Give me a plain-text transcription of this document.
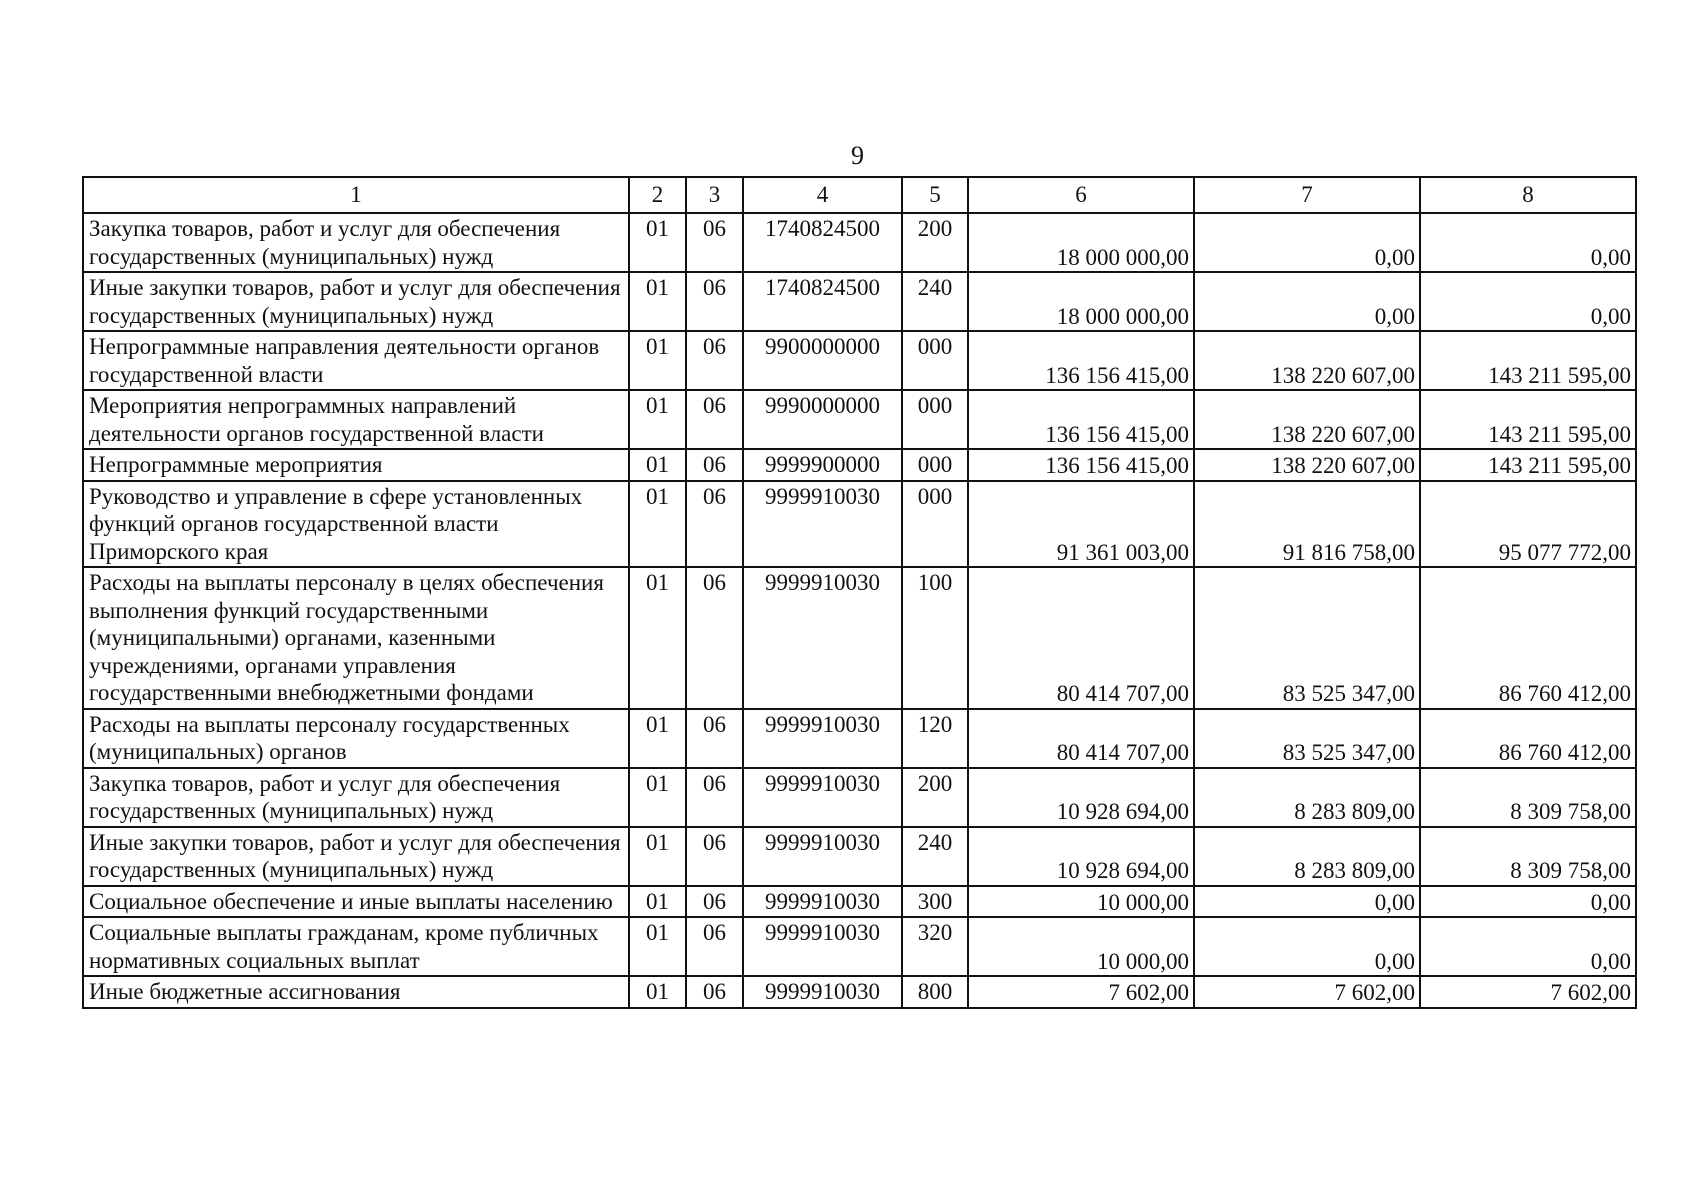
9
1	2	3	4	5	6	7	8
Закупка товаров, работ и услуг для обеспечения государственных (муниципальных) нужд	01	06	1740824500	200	18 000 000,00	0,00	0,00
Иные закупки товаров, работ и услуг для обеспечения государственных (муниципальных) нужд	01	06	1740824500	240	18 000 000,00	0,00	0,00
Непрограммные направления деятельности органов государственной власти	01	06	9900000000	000	136 156 415,00	138 220 607,00	143 211 595,00
Мероприятия непрограммных направлений деятельности органов государственной власти	01	06	9990000000	000	136 156 415,00	138 220 607,00	143 211 595,00
Непрограммные мероприятия	01	06	9999900000	000	136 156 415,00	138 220 607,00	143 211 595,00
Руководство и управление в сфере установленных функций органов государственной власти Приморского края	01	06	9999910030	000	91 361 003,00	91 816 758,00	95 077 772,00
Расходы на выплаты персоналу в целях обеспечения выполнения функций государственными (муниципальными) органами, казенными учреждениями, органами управления государственными внебюджетными фондами	01	06	9999910030	100	80 414 707,00	83 525 347,00	86 760 412,00
Расходы на выплаты персоналу государственных (муниципальных) органов	01	06	9999910030	120	80 414 707,00	83 525 347,00	86 760 412,00
Закупка товаров, работ и услуг для обеспечения государственных (муниципальных) нужд	01	06	9999910030	200	10 928 694,00	8 283 809,00	8 309 758,00
Иные закупки товаров, работ и услуг для обеспечения государственных (муниципальных) нужд	01	06	9999910030	240	10 928 694,00	8 283 809,00	8 309 758,00
Социальное обеспечение и иные выплаты населению	01	06	9999910030	300	10 000,00	0,00	0,00
Социальные выплаты гражданам, кроме публичных нормативных социальных выплат	01	06	9999910030	320	10 000,00	0,00	0,00
Иные бюджетные ассигнования	01	06	9999910030	800	7 602,00	7 602,00	7 602,00
